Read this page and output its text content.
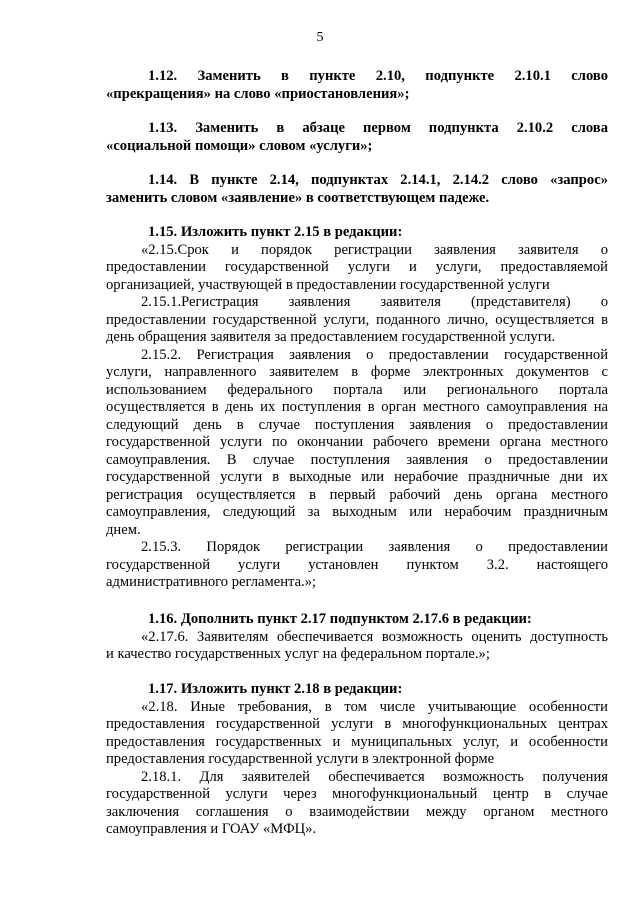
5
1.12. Заменить в пункте 2.10, подпункте 2.10.1 слово
«прекращения» на слово «приостановления»;
1.13. Заменить в абзаце первом подпункта 2.10.2 слова
«социальной помощи» словом «услуги»;
1.14. В пункте 2.14, подпунктах 2.14.1, 2.14.2 слово «запрос»
заменить словом «заявление» в соответствующем падеже.
1.15. Изложить пункт 2.15 в редакции:
«2.15.Срок и порядок регистрации заявления заявителя о
предоставлении государственной услуги и услуги, предоставляемой
организацией, участвующей в предоставлении государственной услуги
2.15.1.Регистрация заявления заявителя (представителя) о
предоставлении государственной услуги, поданного лично, осуществляется в
день обращения заявителя за предоставлением государственной услуги.
2.15.2. Регистрация заявления о предоставлении государственной
услуги, направленного заявителем в форме электронных документов с
использованием федерального портала или регионального портала
осуществляется в день их поступления в орган местного самоуправления на
следующий день в случае поступления заявления о предоставлении
государственной услуги по окончании рабочего времени органа местного
самоуправления. В случае поступления заявления о предоставлении
государственной услуги в выходные или нерабочие праздничные дни их
регистрация осуществляется в первый рабочий день органа местного
самоуправления, следующий за выходным или нерабочим праздничным
днем.
2.15.3. Порядок регистрации заявления о предоставлении
государственной услуги установлен пунктом 3.2. настоящего
административного регламента.»;
1.16. Дополнить пункт 2.17 подпунктом 2.17.6 в редакции:
«2.17.6. Заявителям обеспечивается возможность оценить доступность
и качество государственных услуг на федеральном портале.»;
1.17. Изложить пункт 2.18 в редакции:
«2.18. Иные требования, в том числе учитывающие особенности
предоставления государственной услуги в многофункциональных центрах
предоставления государственных и муниципальных услуг, и особенности
предоставления государственной услуги в электронной форме
2.18.1. Для заявителей обеспечивается возможность получения
государственной услуги через многофункциональный центр в случае
заключения соглашения о взаимодействии между органом местного
самоуправления и ГОАУ «МФЦ».
